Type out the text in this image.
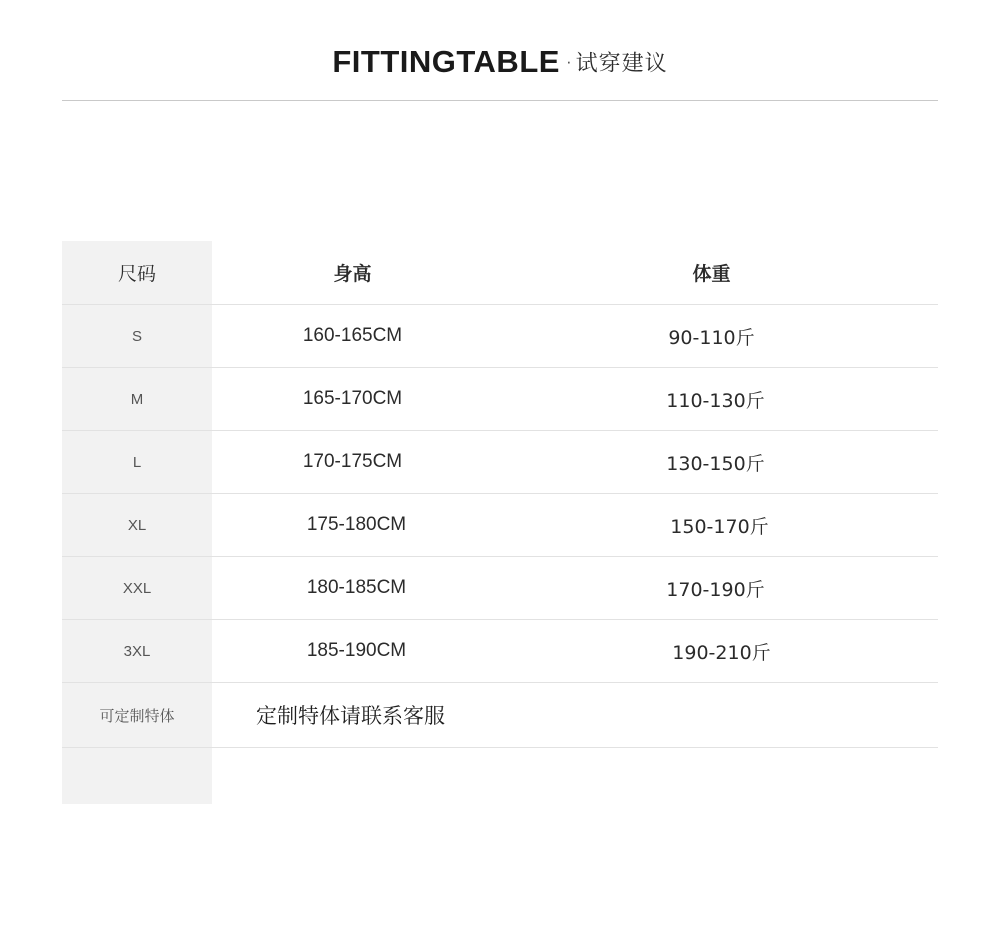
FITTINGTABLE · 试穿建议
尺码	身高	体重
S	160-165CM	90-110斤
M	165-170CM	110-130斤
L	170-175CM	130-150斤
XL	175-180CM	150-170斤
XXL	180-185CM	170-190斤
3XL	185-190CM	190-210斤
可定制特体	定制特体请联系客服	
